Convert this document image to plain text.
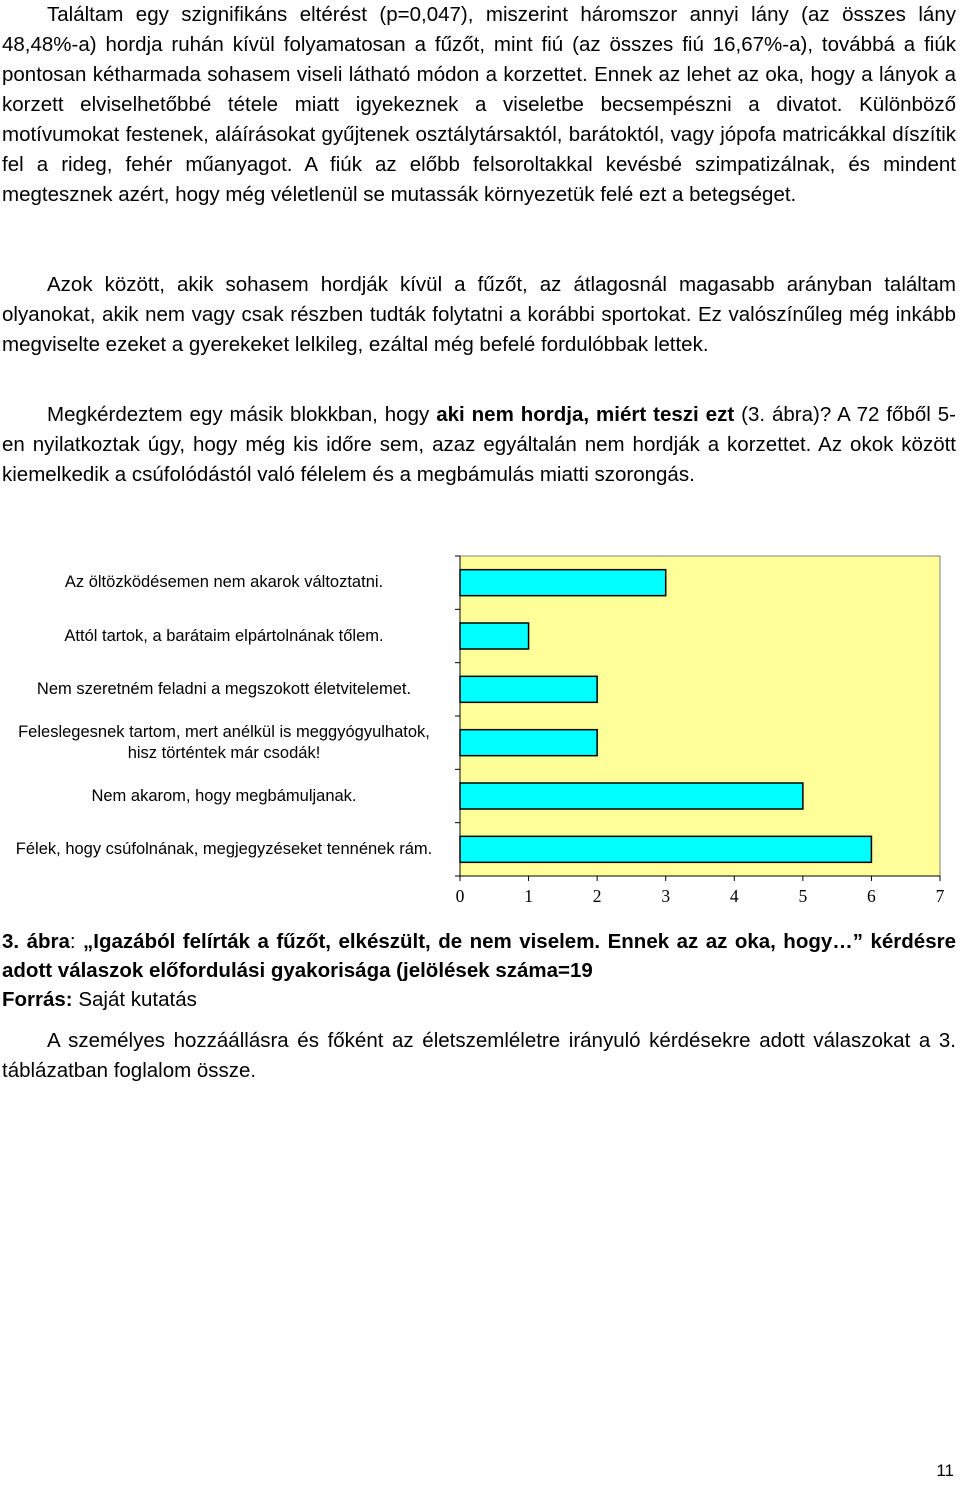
Találtam egy szignifikáns eltérést (p=0,047), miszerint háromszor annyi lány (az összes lány 48,48%-a) hordja ruhán kívül folyamatosan a fűzőt, mint fiú (az összes fiú 16,67%-a), továbbá a fiúk pontosan kétharmada sohasem viseli látható módon a korzettet. Ennek az lehet az oka, hogy a lányok a korzett elviselhetőbbé tétele miatt igyekeznek a viseletbe becsempészni a divatot. Különböző motívumokat festenek, aláírásokat gyűjtenek osztálytársaktól, barátoktól, vagy jópofa matricákkal díszítik fel a rideg, fehér műanyagot. A fiúk az előbb felsoroltakkal kevésbé szimpatizálnak, és mindent megtesznek azért, hogy még véletlenül se mutassák környezetük felé ezt a betegséget.

Azok között, akik sohasem hordják kívül a fűzőt, az átlagosnál magasabb arányban találtam olyanokat, akik nem vagy csak részben tudták folytatni a korábbi sportokat. Ez valószínűleg még inkább megviselte ezeket a gyerekeket lelkileg, ezáltal még befelé fordulóbbak lettek.

Megkérdeztem egy másik blokkban, hogy aki nem hordja, miért teszi ezt (3. ábra)? A 72 főből 5-en nyilatkoztak úgy, hogy még kis időre sem, azaz egyáltalán nem hordják a korzettet. Az okok között kiemelkedik a csúfolódástól való félelem és a megbámulás miatti szorongás.

Az öltözködésemen nem akarok változtatni.
Attól tartok, a barátaim elpártolnának tőlem.
Nem szeretném feladni a megszokott életvitelemet.
Feleslegesnek tartom, mert anélkül is meggyógyulhatok, hisz történtek már csodák!
Nem akarom, hogy megbámuljanak.
Félek, hogy csúfolnának, megjegyzéseket tennének rám.
0	1	2	3	4	5	6	7

3. ábra: „Igazából felírták a fűzőt, elkészült, de nem viselem. Ennek az az oka, hogy…” kérdésre adott válaszok előfordulási gyakorisága (jelölések száma=19

Forrás: Saját kutatás

A személyes hozzáállásra és főként az életszemléletre irányuló kérdésekre adott válaszokat a 3. táblázatban foglalom össze.

11
